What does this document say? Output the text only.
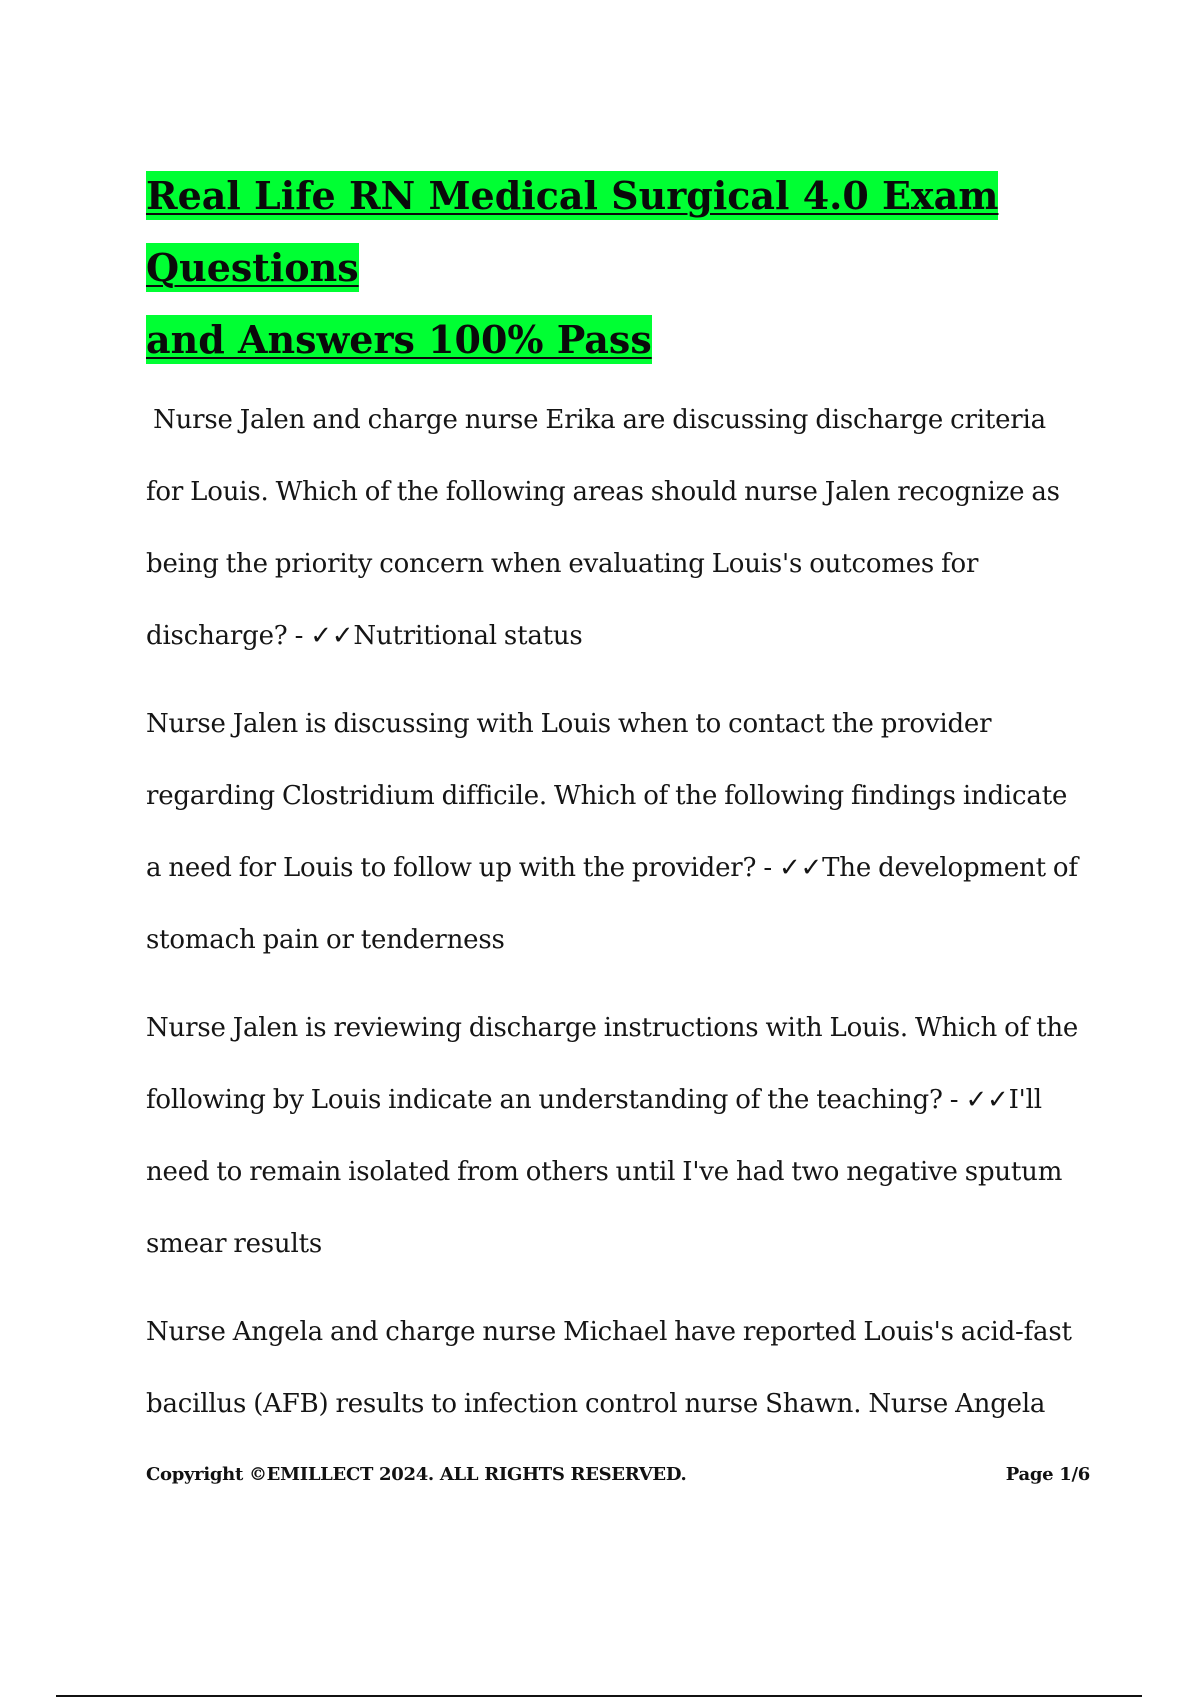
Real Life RN Medical Surgical 4.0 Exam Questions
and Answers 100% Pass

Nurse Jalen and charge nurse Erika are discussing discharge criteria for Louis. Which of the following areas should nurse Jalen recognize as being the priority concern when evaluating Louis's outcomes for discharge? - ✓✓Nutritional status

Nurse Jalen is discussing with Louis when to contact the provider regarding Clostridium difficile. Which of the following findings indicate a need for Louis to follow up with the provider? - ✓✓The development of stomach pain or tenderness

Nurse Jalen is reviewing discharge instructions with Louis. Which of the following by Louis indicate an understanding of the teaching? - ✓✓I'll need to remain isolated from others until I've had two negative sputum smear results

Nurse Angela and charge nurse Michael have reported Louis's acid-fast bacillus (AFB) results to infection control nurse Shawn. Nurse Angela

Copyright ©EMILLECT 2024. ALL RIGHTS RESERVED.	Page 1/6
